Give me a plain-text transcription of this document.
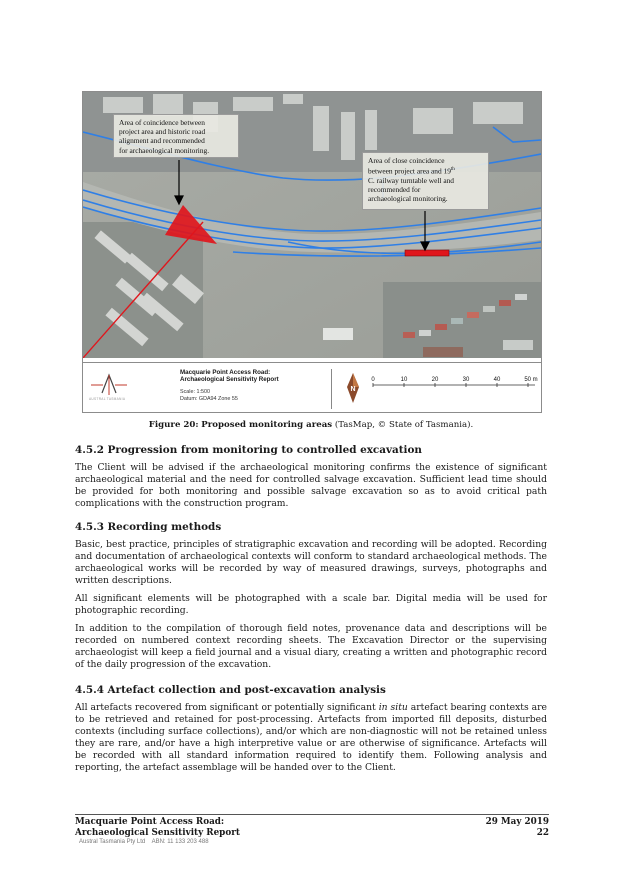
Area of coincidence between
project area and historic road
alignment and recommended
for archaeological monitoring.
Area of close coincidence
between project area and 19th
C. railway turntable well and
recommended for
archaeological monitoring.
AUSTRAL TASMANIA
Macquarie Point Access Road:
Archaeological Sensitivity Report
Scale: 1:500
Datum: GDA94 Zone 55
N
0	10	20	30	40	50 m
Figure 20: Proposed monitoring areas (TasMap, © State of Tasmania).
4.5.2 Progression from monitoring to controlled excavation

The Client will be advised if the archaeological monitoring confirms the existence of significant archaeological material and the need for controlled salvage excavation. Sufficient lead time should be provided for both monitoring and possible salvage excavation so as to avoid critical path complications with the construction program.

4.5.3 Recording methods

Basic, best practice, principles of stratigraphic excavation and recording will be adopted. Recording and documentation of archaeological contexts will conform to standard archaeological methods. The archaeological works will be recorded by way of measured drawings, surveys, photographs and written descriptions.

All significant elements will be photographed with a scale bar. Digital media will be used for photographic recording.

In addition to the compilation of thorough field notes, provenance data and descriptions will be recorded on numbered context recording sheets. The Excavation Director or the supervising archaeologist will keep a field journal and a visual diary, creating a written and photographic record of the daily progression of the excavation.

4.5.4 Artefact collection and post-excavation analysis

All artefacts recovered from significant or potentially significant in situ artefact bearing contexts are to be retrieved and retained for post-processing. Artefacts from imported fill deposits, disturbed contexts (including surface collections), and/or which are non-diagnostic will not be retained unless they are rare, and/or have a high interpretive value or are otherwise of significance. Artefacts will be recorded with all standard information required to identify them. Following analysis and reporting, the artefact assemblage will be handed over to the Client.

Macquarie Point Access Road:
Archaeological Sensitivity Report
29 May 2019
22
Austral Tasmania Pty Ltd    ABN: 11 133 203 488
